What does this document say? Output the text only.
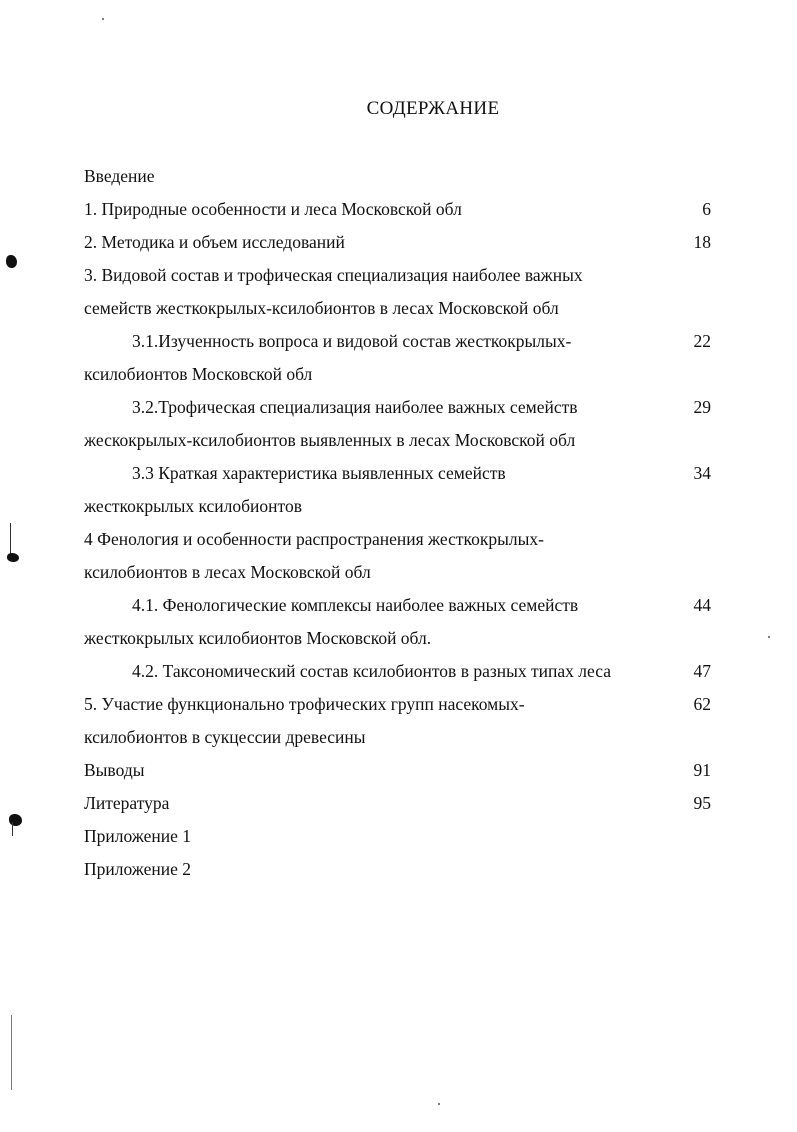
СОДЕРЖАНИЕ
Введение
1. Природные особенности и леса Московской обл	6
2. Методика и объем исследований	18
3. Видовой состав и трофическая специализация наиболее важных
семейств жесткокрылых-ксилобионтов в лесах Московской обл
3.1.Изученность вопроса и видовой состав жесткокрылых-	22
ксилобионтов Московской обл
3.2.Трофическая специализация наиболее важных семейств	29
жескокрылых-ксилобионтов выявленных в лесах Московской обл
3.3 Краткая характеристика выявленных семейств	34
жесткокрылых ксилобионтов
4 Фенология и особенности распространения жесткокрылых-
ксилобионтов в лесах Московской обл
4.1. Фенологические комплексы наиболее важных семейств	44
жесткокрылых ксилобионтов Московской обл.
4.2. Таксономический состав ксилобионтов в разных типах леса	47
5. Участие функционально трофических групп насекомых-	62
ксилобионтов в сукцессии древесины
Выводы	91
Литература	95
Приложение 1
Приложение 2
